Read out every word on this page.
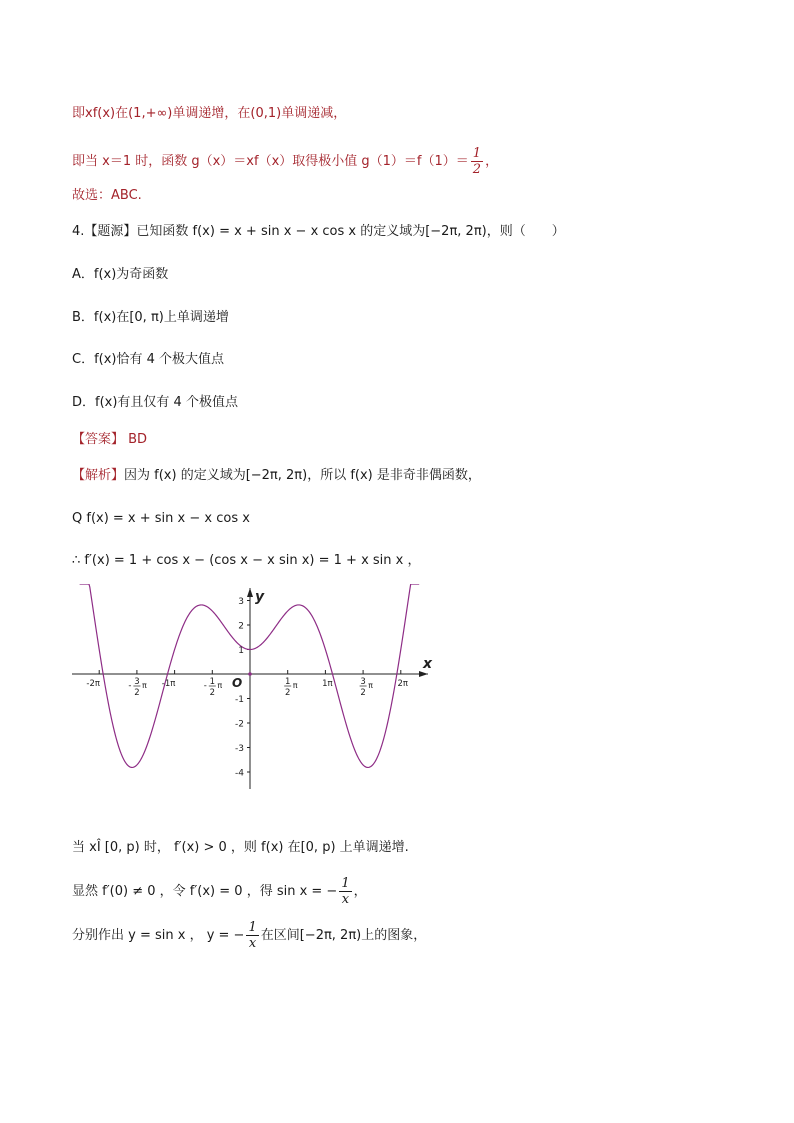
即xf(x)在(1,+∞)单调递增，在(0,1)单调递减，
即当 x＝1 时，函数 g（x）＝xf（x）取得极小值 $g(1)=f(1)= \frac{1}{2}$ ，
故选：ABC.
4.【题源】已知函数 f(x) = x + sin x − x cos x 的定义域为[−2π, 2π)，则（　　）
A．f(x)为奇函数
B．f(x)在[0, π)上单调递增
C．f(x)恰有 4 个极大值点
D．f(x)有且仅有 4 个极值点
【答案】 BD
【解析】因为 f(x) 的定义域为[−2π, 2π)，所以 f(x) 是非奇非偶函数，
Q f(x) = x + sin x − x cos x
∴ f′(x) = 1 + cos x − (cos x − x sin x) = 1 + x sin x ，
3
2
1
-1
-2
-3
-4
-2π	-1π	1π	2π
- 3
2
π	- 1
2
π	1
2
π	3
2
π
x
y
O
当 xÎ [0, p) 时， f′(x) > 0 ，则 f(x) 在[0, p) 上单调递增.
显然 f′(0) ≠ 0 ，令 f′(x) = 0 ，得 sin x = − $\frac{1}{x}$ ，
分别作出 y = sin x ， y = − $\frac{1}{x}$ 在区间[−2π, 2π)上的图象，
